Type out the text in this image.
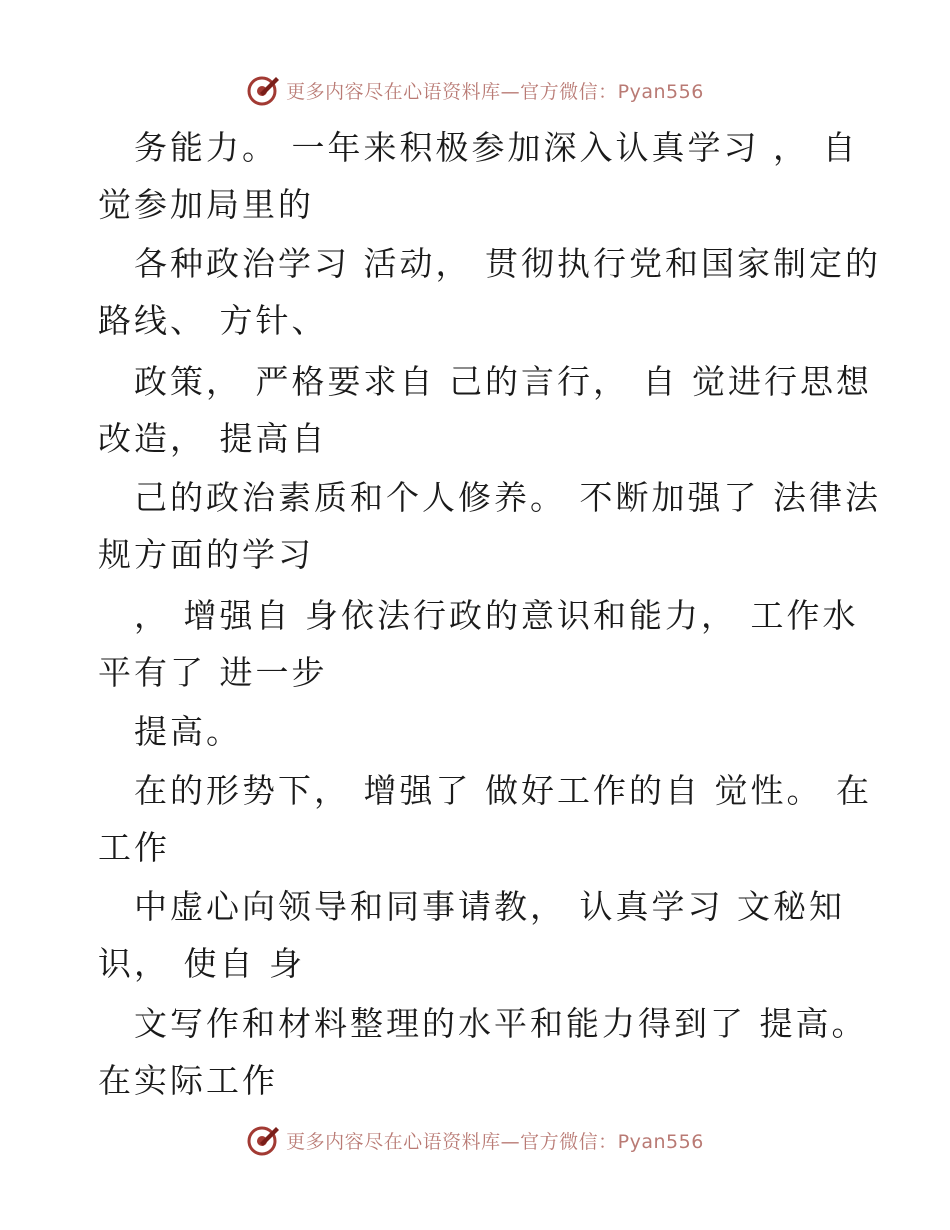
更多内容尽在心语资料库—官方微信：Pyan556
务能力。 一年来积极参加深入认真学习 ， 自
觉参加局里的
各种政治学习 活动， 贯彻执行党和国家制定的
路线、 方针、
政策， 严格要求自 己的言行， 自 觉进行思想
改造， 提高自
己的政治素质和个人修养。 不断加强了 法律法
规方面的学习
， 增强自 身依法行政的意识和能力， 工作水
平有了 进一步
提高。
在的形势下， 增强了 做好工作的自 觉性。 在
工作
中虚心向领导和同事请教， 认真学习 文秘知
识， 使自 身
文写作和材料整理的水平和能力得到了 提高。
在实际工作
更多内容尽在心语资料库—官方微信：Pyan556
